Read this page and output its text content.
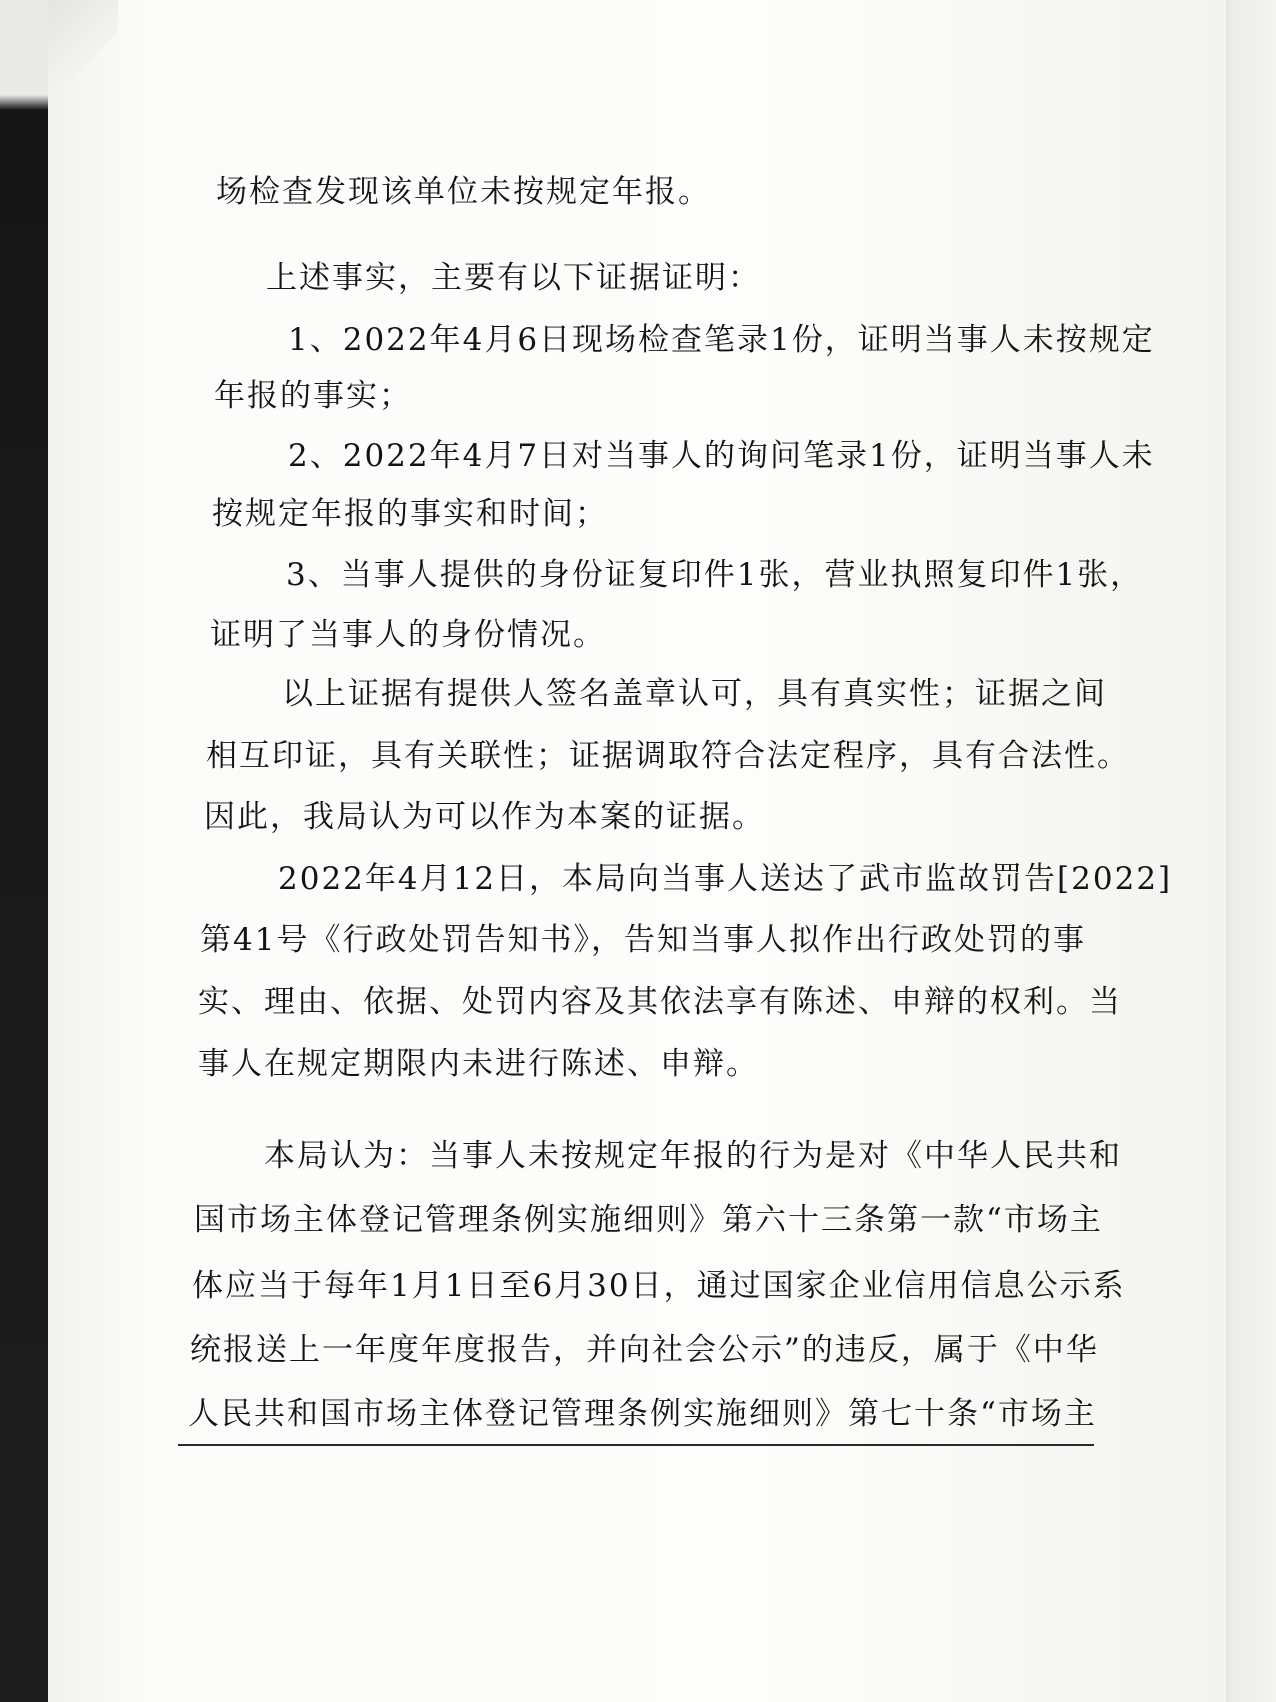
场检查发现该单位未按规定年报。
上述事实，主要有以下证据证明：
1、2022年4月6日现场检查笔录1份，证明当事人未按规定
年报的事实；
2、2022年4月7日对当事人的询问笔录1份，证明当事人未
按规定年报的事实和时间；
3、当事人提供的身份证复印件1张，营业执照复印件1张，
证明了当事人的身份情况。
以上证据有提供人签名盖章认可，具有真实性；证据之间
相互印证，具有关联性；证据调取符合法定程序，具有合法性。
因此，我局认为可以作为本案的证据。
2022年4月12日，本局向当事人送达了武市监故罚告[2022]
第41号《行政处罚告知书》，告知当事人拟作出行政处罚的事
实、理由、依据、处罚内容及其依法享有陈述、申辩的权利。当
事人在规定期限内未进行陈述、申辩。
本局认为：当事人未按规定年报的行为是对《中华人民共和
国市场主体登记管理条例实施细则》第六十三条第一款“市场主
体应当于每年1月1日至6月30日，通过国家企业信用信息公示系
统报送上一年度年度报告，并向社会公示”的违反，属于《中华
人民共和国市场主体登记管理条例实施细则》第七十条“市场主
